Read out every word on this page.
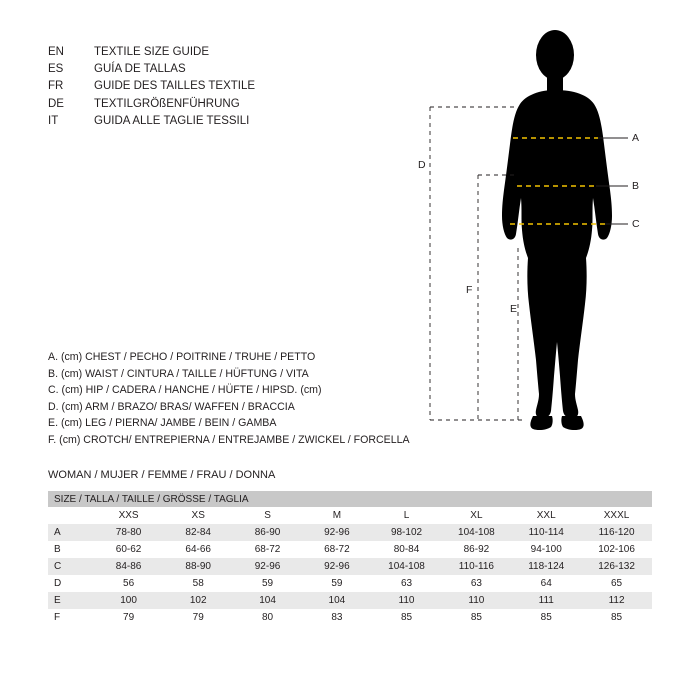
EN	TEXTILE SIZE GUIDE
ES	GUÍA DE TALLAS
FR	GUIDE DES TAILLES TEXTILE
DE	TEXTILGRÖßENFÜHRUNG
IT	GUIDA ALLE TAGLIE TESSILI
A. (cm) CHEST / PECHO / POITRINE / TRUHE / PETTO
B. (cm) WAIST / CINTURA / TAILLE / HÜFTUNG / VITA
C. (cm) HIP / CADERA / HANCHE / HÜFTE / HIPSD. (cm)
D. (cm) ARM / BRAZO/ BRAS/ WAFFEN / BRACCIA
E. (cm) LEG / PIERNA/ JAMBE / BEIN / GAMBA
F. (cm) CROTCH/ ENTREPIERNA / ENTREJAMBE / ZWICKEL / FORCELLA
WOMAN / MUJER / FEMME / FRAU / DONNA
SIZE / TALLA / TAILLE / GRÖSSE / TAGLIA								
	XXS	XS	S	M	L	XL	XXL	XXXL
A	78-80	82-84	86-90	92-96	98-102	104-108	110-114	116-120
B	60-62	64-66	68-72	68-72	80-84	86-92	94-100	102-106
C	84-86	88-90	92-96	92-96	104-108	110-116	118-124	126-132
D	56	58	59	59	63	63	64	65
E	100	102	104	104	110	110	111	112
F	79	79	80	83	85	85	85	85
A
B
C
D
F
E
